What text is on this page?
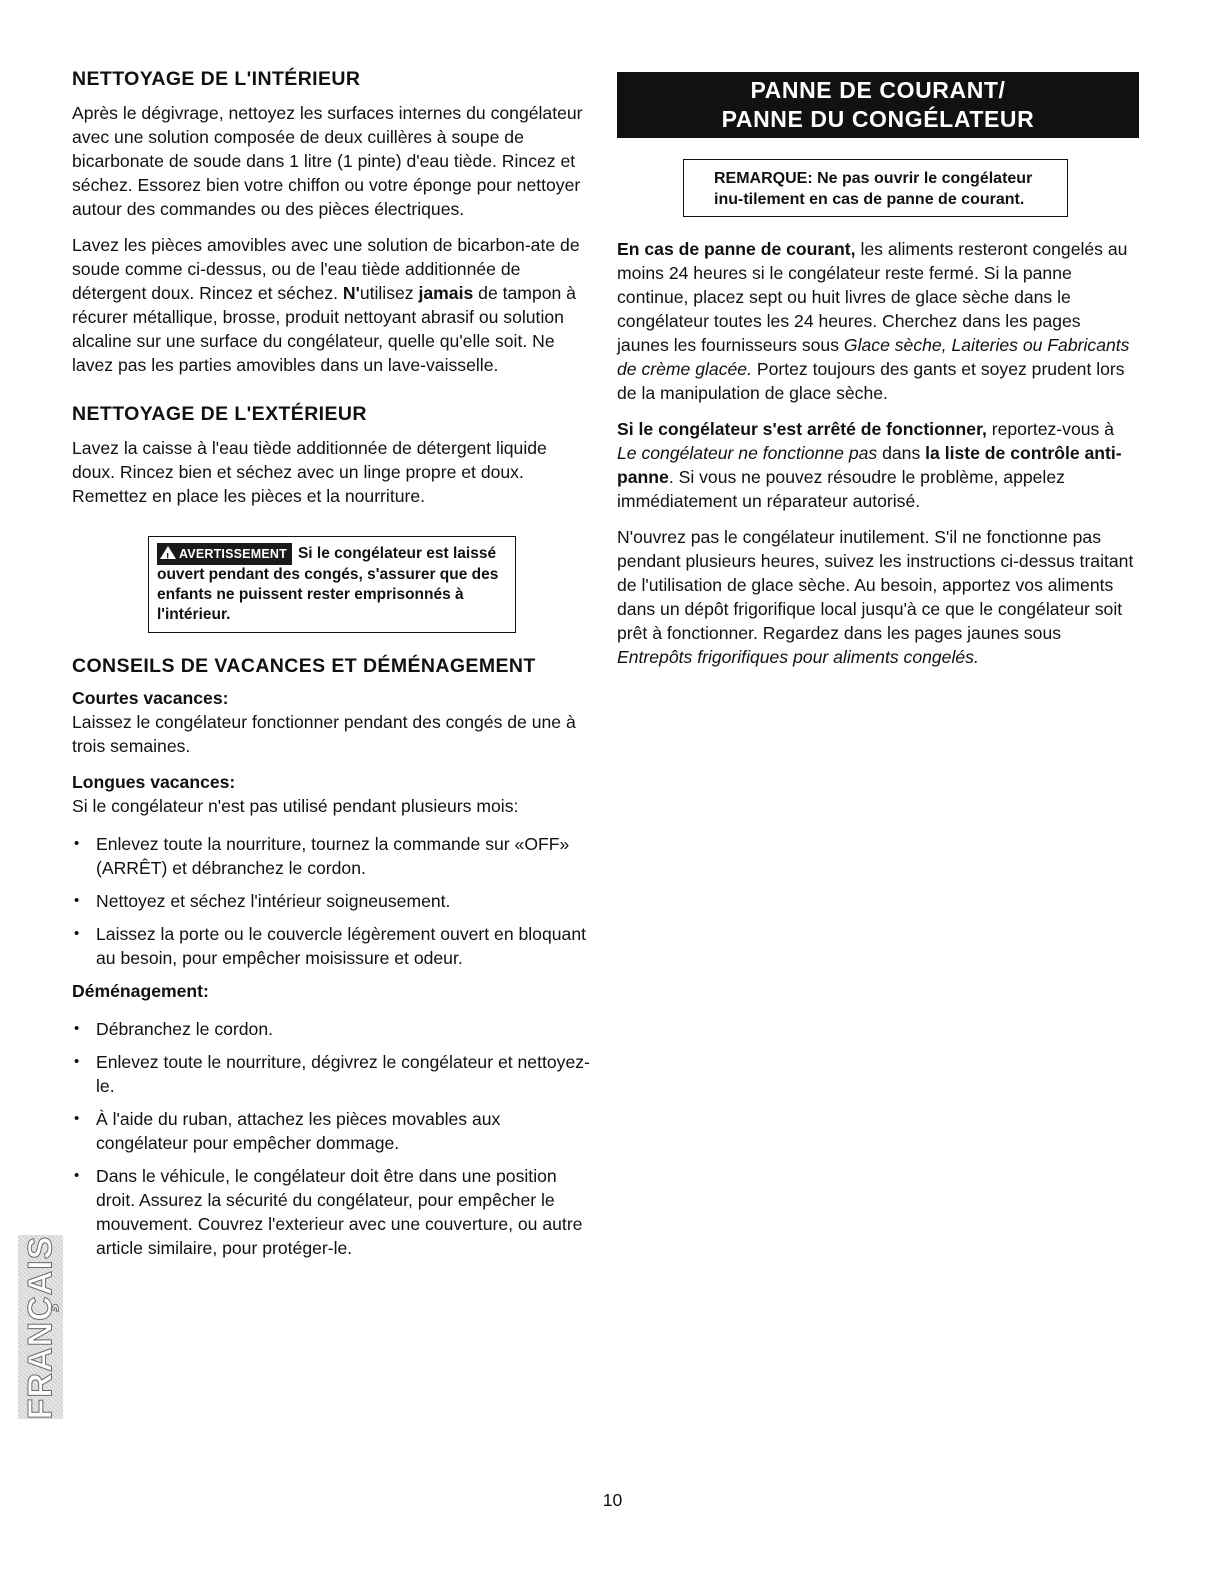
NETTOYAGE DE L'INTÉRIEUR

Après le dégivrage, nettoyez les surfaces internes du congélateur avec une solution composée de deux cuillères à soupe de bicarbonate de soude dans 1 litre (1 pinte) d'eau tiède. Rincez et séchez. Essorez bien votre chiffon ou votre éponge pour nettoyer autour des commandes ou des pièces électriques.

Lavez les pièces amovibles avec une solution de bicarbon-ate de soude comme ci-dessus, ou de l'eau tiède additionnée de détergent doux. Rincez et séchez. N'utilisez jamais de tampon à récurer métallique, brosse, produit nettoyant abrasif ou solution alcaline sur une surface du congélateur, quelle qu'elle soit. Ne lavez pas les parties amovibles dans un lave-vaisselle.

NETTOYAGE DE L'EXTÉRIEUR

Lavez la caisse à l'eau tiède additionnée de détergent liquide doux. Rincez bien et séchez avec un linge propre et doux. Remettez en place les pièces et la nourriture.

! AVERTISSEMENT Si le congélateur est laissé ouvert pendant des congés, s'assurer que des enfants ne puissent rester emprisonnés à l'intérieur.
CONSEILS DE VACANCES ET DÉMÉNAGEMENT

Courtes vacances:

Laissez le congélateur fonctionner pendant des congés de une à trois semaines.

Longues vacances:

Si le congélateur n'est pas utilisé pendant plusieurs mois:

• Enlevez toute la nourriture, tournez la commande sur «OFF» (ARRÊT) et débranchez le cordon.
• Nettoyez et séchez l'intérieur soigneusement.
• Laissez la porte ou le couvercle légèrement ouvert en bloquant au besoin, pour empêcher moisissure et odeur.

Déménagement:

• Débranchez le cordon.
• Enlevez toute le nourriture, dégivrez le congélateur et nettoyez-le.
• À l'aide du ruban, attachez les pièces movables aux congélateur pour empêcher dommage.
• Dans le véhicule, le congélateur doit être dans une position droit. Assurez la sécurité du congélateur, pour empêcher le mouvement. Couvrez l'exterieur avec une couverture, ou autre article similaire, pour protéger-le.
PANNE DE COURANT/
PANNE DU CONGÉLATEUR
REMARQUE: Ne pas ouvrir le congélateur inu-tilement en cas de panne de courant.

En cas de panne de courant, les aliments resteront congelés au moins 24 heures si le congélateur reste fermé. Si la panne continue, placez sept ou huit livres de glace sèche dans le congélateur toutes les 24 heures. Cherchez dans les pages jaunes les fournisseurs sous Glace sèche, Laiteries ou Fabricants de crème glacée. Portez toujours des gants et soyez prudent lors de la manipulation de glace sèche.

Si le congélateur s'est arrêté de fonctionner, reportez-vous à Le congélateur ne fonctionne pas dans la liste de contrôle anti-panne. Si vous ne pouvez résoudre le problème, appelez immédiatement un réparateur autorisé.

N'ouvrez pas le congélateur inutilement. S'il ne fonctionne pas pendant plusieurs heures, suivez les instructions ci-dessus traitant de l'utilisation de glace sèche. Au besoin, apportez vos aliments dans un dépôt frigorifique local jusqu'à ce que le congélateur soit prêt à fonctionner. Regardez dans les pages jaunes sous Entrepôts frigorifiques pour aliments congelés.

FRANÇAIS
10
